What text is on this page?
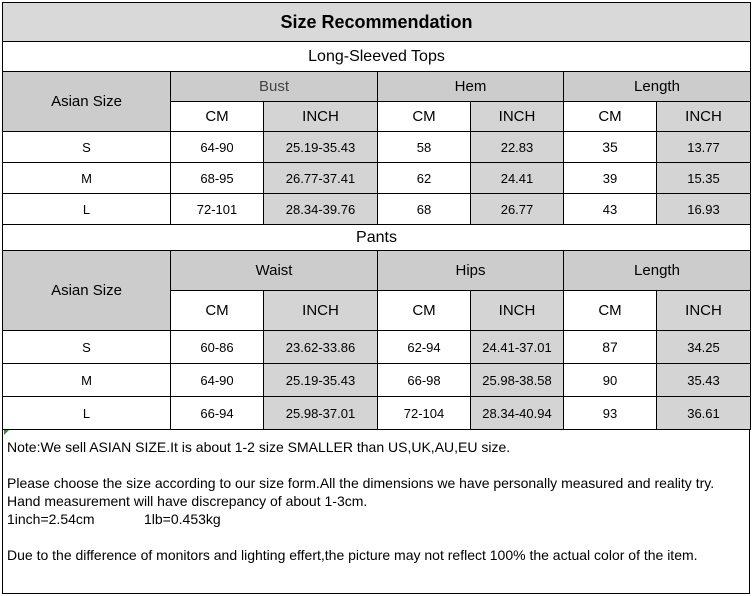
Size Recommendation						
Long-Sleeved Tops						
Asian Size	Bust		Hem		Length	
	CM	INCH	CM	INCH	CM	INCH
S	64-90	25.19-35.43	58	22.83	35	13.77
M	68-95	26.77-37.41	62	24.41	39	15.35
L	72-101	28.34-39.76	68	26.77	43	16.93
Pants						
Asian Size	Waist		Hips		Length	
	CM	INCH	CM	INCH	CM	INCH
S	60-86	23.62-33.86	62-94	24.41-37.01	87	34.25
M	64-90	25.19-35.43	66-98	25.98-38.58	90	35.43
L	66-94	25.98-37.01	72-104	28.34-40.94	93	36.61

Note:We sell ASIAN SIZE.It is about 1-2 size SMALLER than US,UK,AU,EU size.

Please choose the size according to our size form.All the dimensions we have personally measured and reality try.

Hand measurement will have discrepancy of about 1-3cm.

1inch=2.54cm	1lb=0.453kg

Due to the difference of monitors and lighting effert,the picture may not reflect 100% the actual color of the item.
